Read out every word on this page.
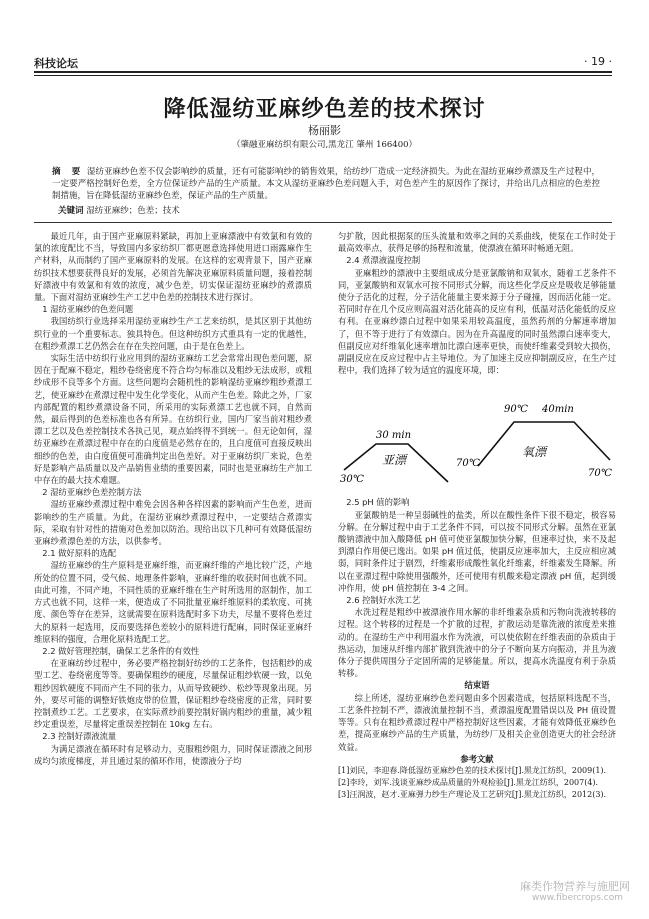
科技论坛	· 19 ·
降低湿纺亚麻纱色差的技术探讨
杨丽影
（肇融亚麻纺织有限公司,黑龙江 肇州 166400）
摘 要 湿纺亚麻纱色差不仅会影响纱的质量，还有可能影响纱的销售效果，给纺纱厂造成一定经济损失。为此在湿纺亚麻纱煮漂及生产过程中，一定要严格控制好色差，全方位保证纱产品的生产质量。本文从湿纺亚麻纱色差问题入手，对色差产生的原因作了探讨，并给出几点相应的色差控制措施，旨在降低湿纺亚麻纱色差，保证产品的生产质量。
关键词 湿纺亚麻纱；色差；技术

最近几年，由于国产亚麻原料紧缺，再加上亚麻漂液中有效氯和有效的氯的浓度配比不当，导致国内多家纺织厂都更愿意选择使用进口雨露麻作生产材料，从而制约了国产亚麻原料的发展。在这样的宏观背景下，国产亚麻纺织技术想要获得良好的发展，必须首先解决亚麻原料质量问题，接着控制好漂液中有效氯和有效的浓度，减少色差，切实保证湿纺亚麻纱的煮漂质量。下面对湿纺亚麻纱生产工艺中色差的控制技术进行探讨。

1 湿纺亚麻纱的色差问题

我国纺织行业选择采用湿纺亚麻纱生产工艺来纺织，是其区别于其他纺织行业的一个重要标志。独具特色。但这种纺织方式重具有一定的优越性，在粗纱煮漂工艺仍然会在存在失控问题，由于是在色差上。

实际生活中纺织行业应用到的湿纺亚麻纺工艺会常常出现色差问题，原因在于配麻不稳定，粗纱卷绕密度不符合均匀标准以及粗纱无法成形，或粗纱成形不良等多个方面。这些问题均会随机性的影响湿纺亚麻纱粗纱煮漂工艺，使亚麻纱在煮漂过程中发生化学变化，从而产生色差。除此之外，厂家内部配置的粗纱煮漂设备不同，所采用的实际煮漂工艺也就不同，自然而然，最后得到的色差标准也各有所异。在纺织行业，国内厂家当前对粗纱煮漂工艺以及色差控制技术各执己见，观点始终得不到统一。但无论如何，湿纺亚麻纱在煮漂过程中存在的白度值是必然存在的，且白度值可直接反映出细纱的色差，由白度值便可准确判定出色差好。对于亚麻纺织厂来说，色差好是影响产品质量以及产品销售业绩的重要因素，同时也是亚麻纺生产加工中存在的最大技术难题。

2 湿纺亚麻纱色差控制方法

湿纺亚麻纱煮漂过程中难免会因各种各样因素的影响而产生色差，进而影响纱的生产质量。为此，在湿纺亚麻纱煮漂过程中，一定要结合煮漂实际，采取有针对性的措施对色差加以防治。现给出以下几种可有效降低湿纺亚麻纱煮漂色差的方法，以供参考。

2.1 做好原料的选配

湿纺亚麻纱的生产原料是亚麻纤维，而亚麻纤维的产地比较广泛，产地所处的位置不同，受气候、地理条件影响，亚麻纤维的收获时间也就不同。由此可推，不同产地，不同性质的亚麻纤维在生产时所选用的沤制作，加工方式也就不同，这样一来，便造成了不同批量亚麻纤维原料的柔软度、可挑度、颜色等存在差异，这就需要在原料选配时多下功夫，尽量不要将色差过大的原料一起选用，反而要选择色差较小的原料进行配麻，同时保证亚麻纤维原料的强度，合理化原料选配工艺。

2.2 做好管理控制，确保工艺条件的有效性

在亚麻纺纱过程中，务必要严格控制好纺纱的工艺条件，包括粗纱的成型工艺、卷绕密度等等。要确保粗纱的硬度，尽量保证粗纱软硬一致，以免粗纱因软硬度不同而产生不同的张力，从而导致硬纱、松纱等现象出现。另外，要尽可能的调整好铁炮皮带的位置，保证粗纱卷绕密度的正常，同时要控制煮纱工艺。工艺要求，在实际煮纱前要控制好锅内粗纱的重量，减少粗纱定重误差，尽量将定重误差控制在 10kg 左右。

2.3 控制好漂液流量

为满足漂液在循环时有足够动力，克服粗纱阻力，同时保证漂液之间形成均匀浓度梯度，并且通过泵的循环作用，使漂液分子均

匀扩散，因此根据泵的压头流量和效率之间的关系曲线，使泵在工作时处于最高效率点，获得足够的扬程和流量，使漂液在循环时畅通无阻。

2.4 煮漂液温度控制

亚麻粗纱的漂液中主要组成成分是亚氯酸钠和双氧水，随着工艺条件不同，亚氯酸钠和双氧水可按不同形式分解，而这些化学反应是吸收足够能量使分子活化的过程，分子活化能量主要来源于分子碰撞，因而活化能一定。若同时存在几个反应则高温对活化能高的反应有利，低温对活化能低的反应有利。在亚麻纱漂白过程中如果采用较高温度，虽然药剂的分解速率增加了，但不等于进行了有效漂白。因为在升高温度的同时虽然漂白速率变大，但副反应对纤维氧化速率增加比漂白速率更快，而使纤维素受到较大损伤，副副反应在反应过程中占主导地位。为了加速主反应抑制副反应，在生产过程中，我们选择了较为适宜的温度环境，即：

30℃
30 min
亚漂	70℃
90℃ 40min
氧漂
70℃

2.5 pH 值的影响

亚氯酸钠是一种呈弱碱性的盐类，所以在酸性条件下很不稳定，极容易分解。在分解过程中由于工艺条件不同，可以按不同形式分解。虽然在亚氯酸钠漂液中加入酸降低 pH 值可使亚氯酸加快分解，但速率过快，来不及起到漂白作用便已逸出。如果 pH 值过低，使副反应速率加大，主反应相应减弱，同时条件过于剧烈，纤维素形成酸性氧化纤维素，纤维素发生降解。所以在亚漂过程中除使用强酸外，还可使用有机酸来稳定漂液 pH 值，起到缓冲作用，使 pH 值控制在 3-4 之间。

2.6 控制好水洗工艺

水洗过程是粗纱中被漂液作用水解的非纤维素杂质和污物向洗液转移的过程。这个转移的过程是一个扩散的过程，扩散运动是靠洗液的浓度差来推动的。在湿纺生产中利用温水作为洗液，可以使依附在纤维表面的杂质由于热运动，加速从纤维内部扩散到洗液中的分子不断向某方向振动，并且为液体分子提供周围分子定固所需的足够能量。所以，提高水洗温度有利于杂质转移。

结束语

综上所述，湿纺亚麻纱色差问题由多个因素造成，包括原料选配不当，工艺条件控制不严，漂液流量控制不当，煮漂温度配置错误以及 PH 值设置等等。只有在粗纱煮漂过程中严格控制好这些因素，才能有效降低亚麻纱色差，提高亚麻纱产品的生产质量，为纺纱厂及相关企业创造更大的社会经济效益。

参考文献

[1]刘民，李迎春.降低湿纺亚麻纱色差的技术探讨[J].黑龙江纺织，2009(1).

[2]李玲，刘军.浅谈亚麻纱成品质量的外观检验[J].黑龙江纺织，2007(4).

[3]汪润波，赵才.亚麻弹力纱生产理论及工艺研究[J].黑龙江纺织，2012(3).

麻类作物营养与施肥网
www.fibercrops.com
